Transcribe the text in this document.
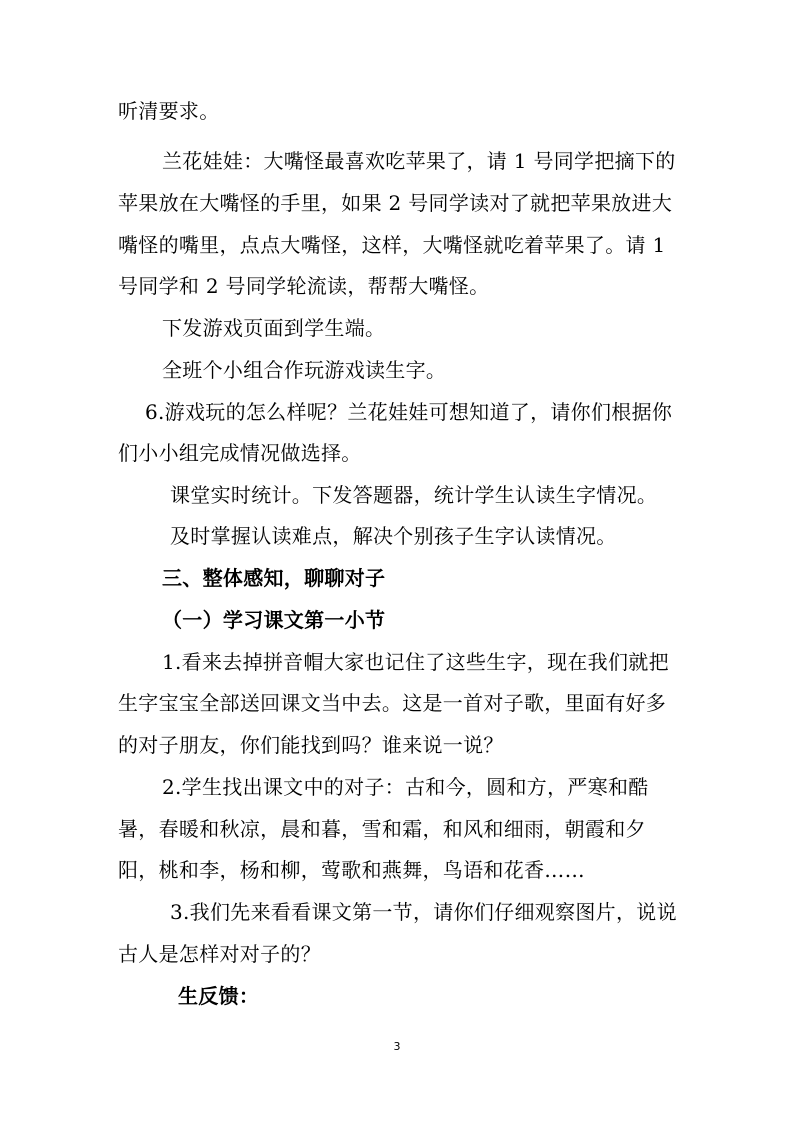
听清要求。
兰花娃娃：大嘴怪最喜欢吃苹果了，请 1 号同学把摘下的
苹果放在大嘴怪的手里，如果 2 号同学读对了就把苹果放进大
嘴怪的嘴里，点点大嘴怪，这样，大嘴怪就吃着苹果了。请 1
号同学和 2 号同学轮流读，帮帮大嘴怪。
下发游戏页面到学生端。
全班个小组合作玩游戏读生字。
6.游戏玩的怎么样呢？兰花娃娃可想知道了，请你们根据你
们小小组完成情况做选择。
课堂实时统计。下发答题器，统计学生认读生字情况。
及时掌握认读难点，解决个别孩子生字认读情况。
三、整体感知，聊聊对子
（一）学习课文第一小节
1.看来去掉拼音帽大家也记住了这些生字，现在我们就把
生字宝宝全部送回课文当中去。这是一首对子歌，里面有好多
的对子朋友，你们能找到吗？谁来说一说？
2.学生找出课文中的对子：古和今，圆和方，严寒和酷
暑，春暖和秋凉，晨和暮，雪和霜，和风和细雨，朝霞和夕
阳，桃和李，杨和柳，莺歌和燕舞，鸟语和花香……
3.我们先来看看课文第一节，请你们仔细观察图片，说说
古人是怎样对对子的？
生反馈：
3
